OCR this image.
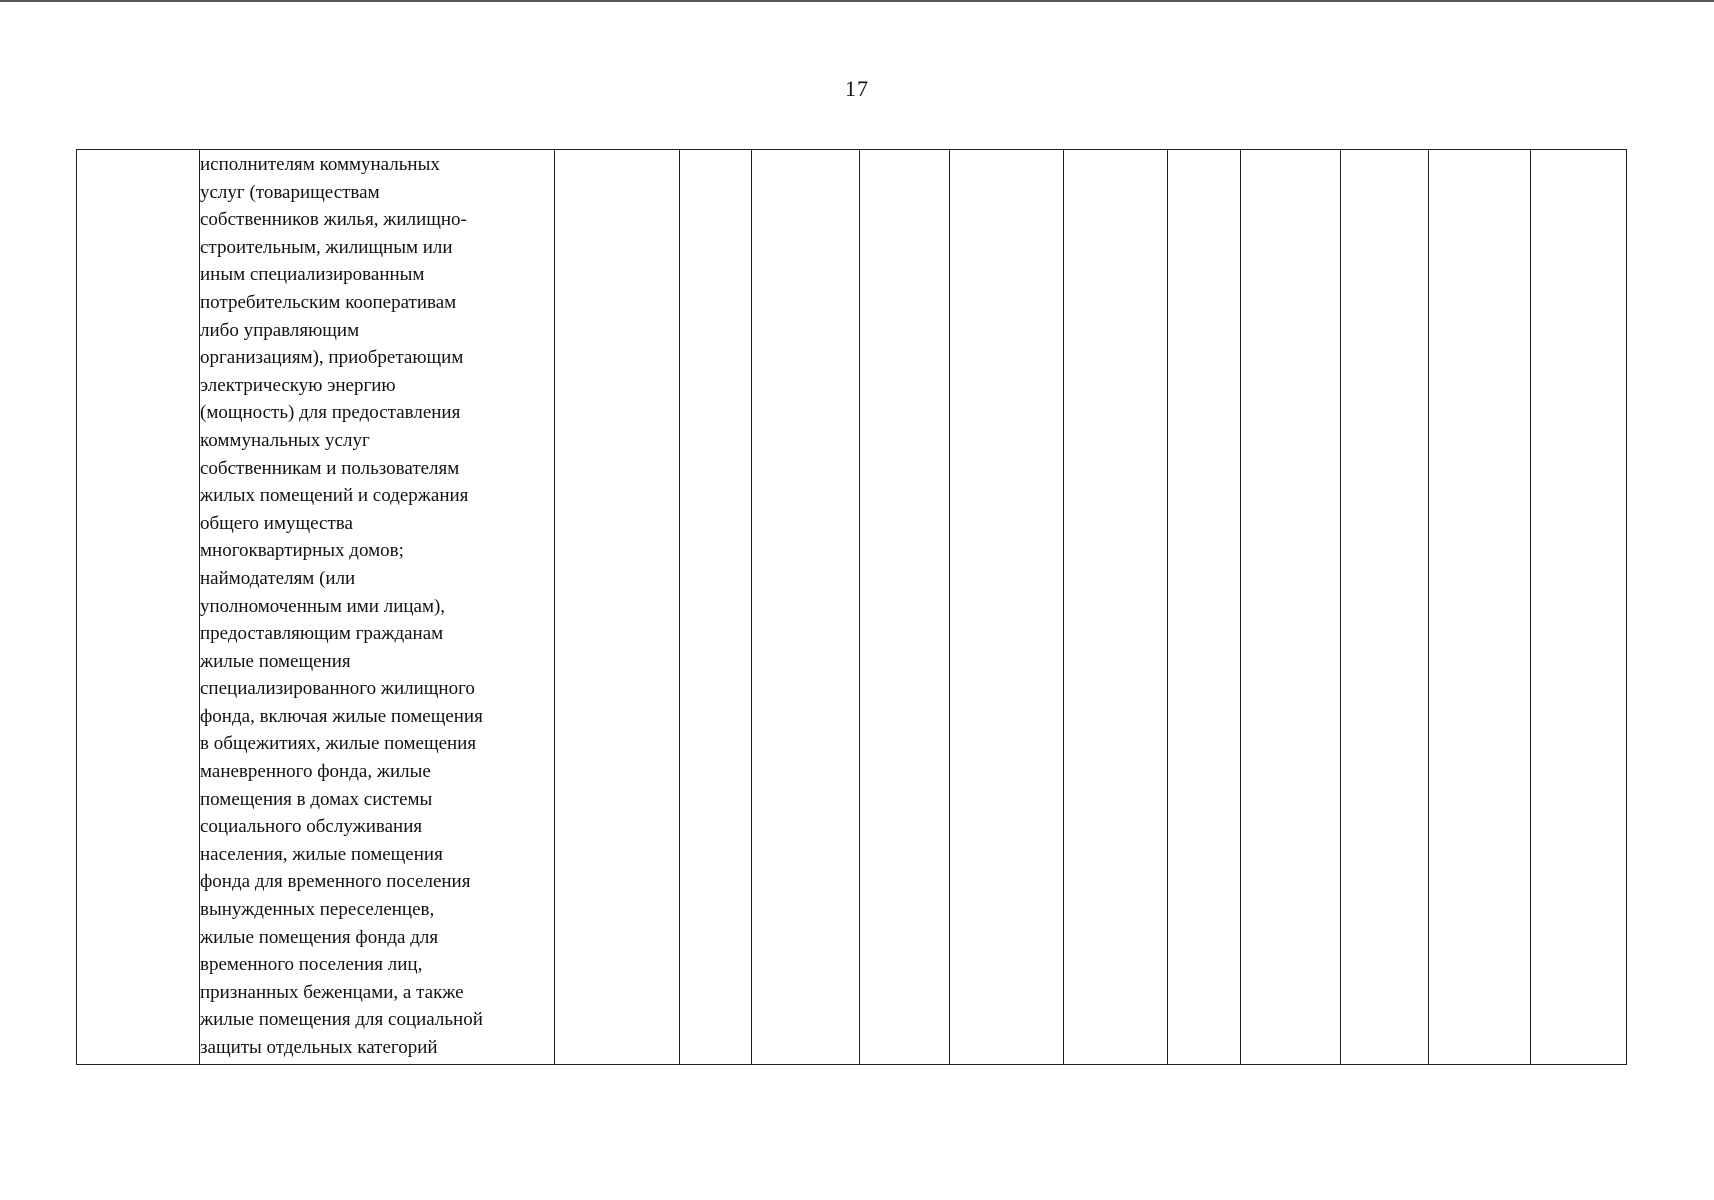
17

исполнителям коммунальных
услуг (товариществам
собственников жилья, жилищно-
строительным, жилищным или
иным специализированным
потребительским кооперативам
либо управляющим
организациям), приобретающим
электрическую энергию
(мощность) для предоставления
коммунальных услуг
собственникам и пользователям
жилых помещений и содержания
общего имущества
многоквартирных домов;
наймодателям (или
уполномоченным ими лицам),
предоставляющим гражданам
жилые помещения
специализированного жилищного
фонда, включая жилые помещения
в общежитиях, жилые помещения
маневренного фонда, жилые
помещения в домах системы
социального обслуживания
населения, жилые помещения
фонда для временного поселения
вынужденных переселенцев,
жилые помещения фонда для
временного поселения лиц,
признанных беженцами, а также
жилые помещения для социальной
защиты отдельных категорий
